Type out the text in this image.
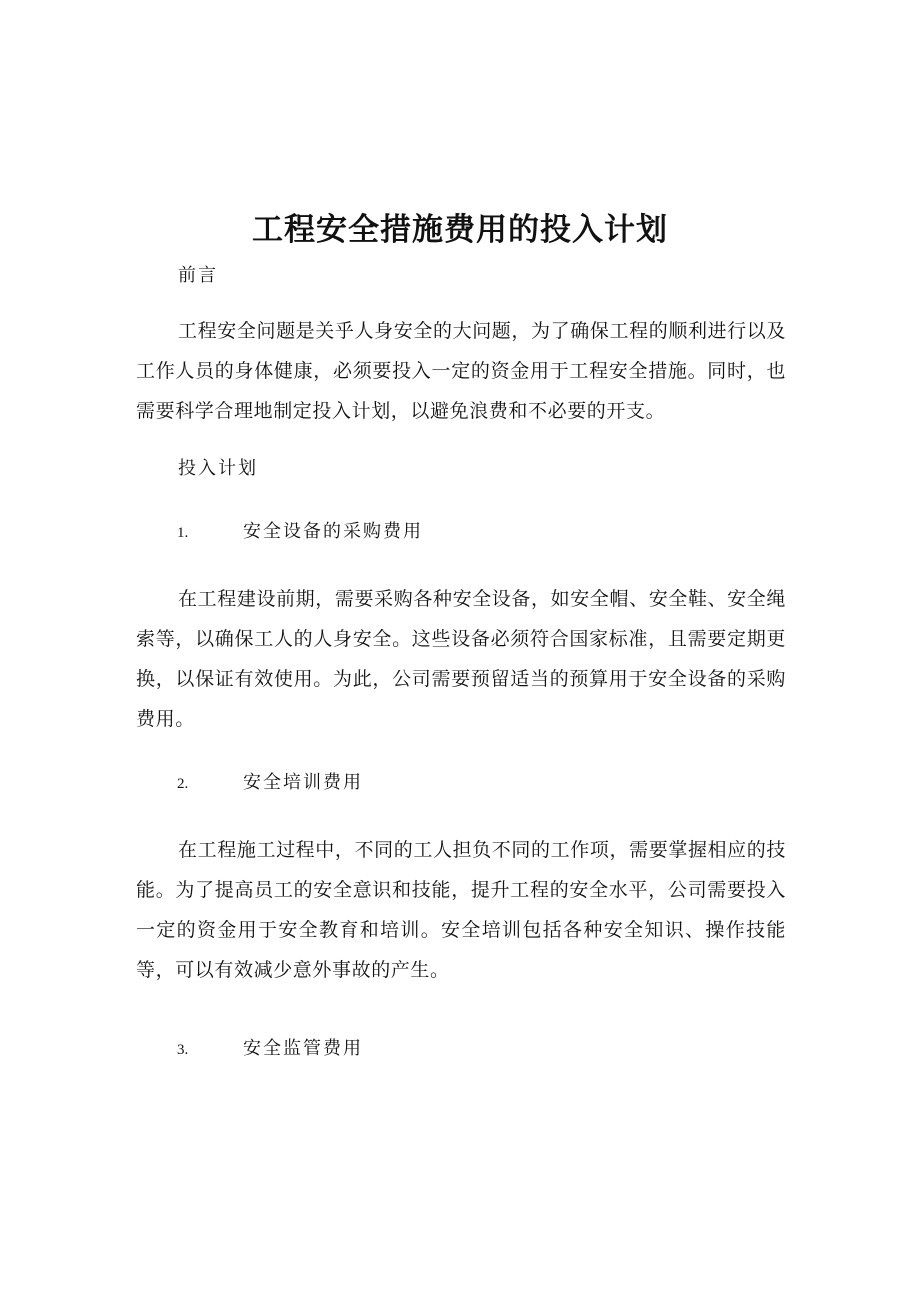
工程安全措施费用的投入计划
前言

工程安全问题是关乎人身安全的大问题，为了确保工程的顺利进行以及工作人员的身体健康，必须要投入一定的资金用于工程安全措施。同时，也需要科学合理地制定投入计划，以避免浪费和不必要的开支。

投入计划
1.	安全设备的采购费用

在工程建设前期，需要采购各种安全设备，如安全帽、安全鞋、安全绳索等，以确保工人的人身安全。这些设备必须符合国家标准，且需要定期更换，以保证有效使用。为此，公司需要预留适当的预算用于安全设备的采购费用。

2.	安全培训费用

在工程施工过程中，不同的工人担负不同的工作项，需要掌握相应的技能。为了提高员工的安全意识和技能，提升工程的安全水平，公司需要投入一定的资金用于安全教育和培训。安全培训包括各种安全知识、操作技能等，可以有效减少意外事故的产生。

3.	安全监管费用
